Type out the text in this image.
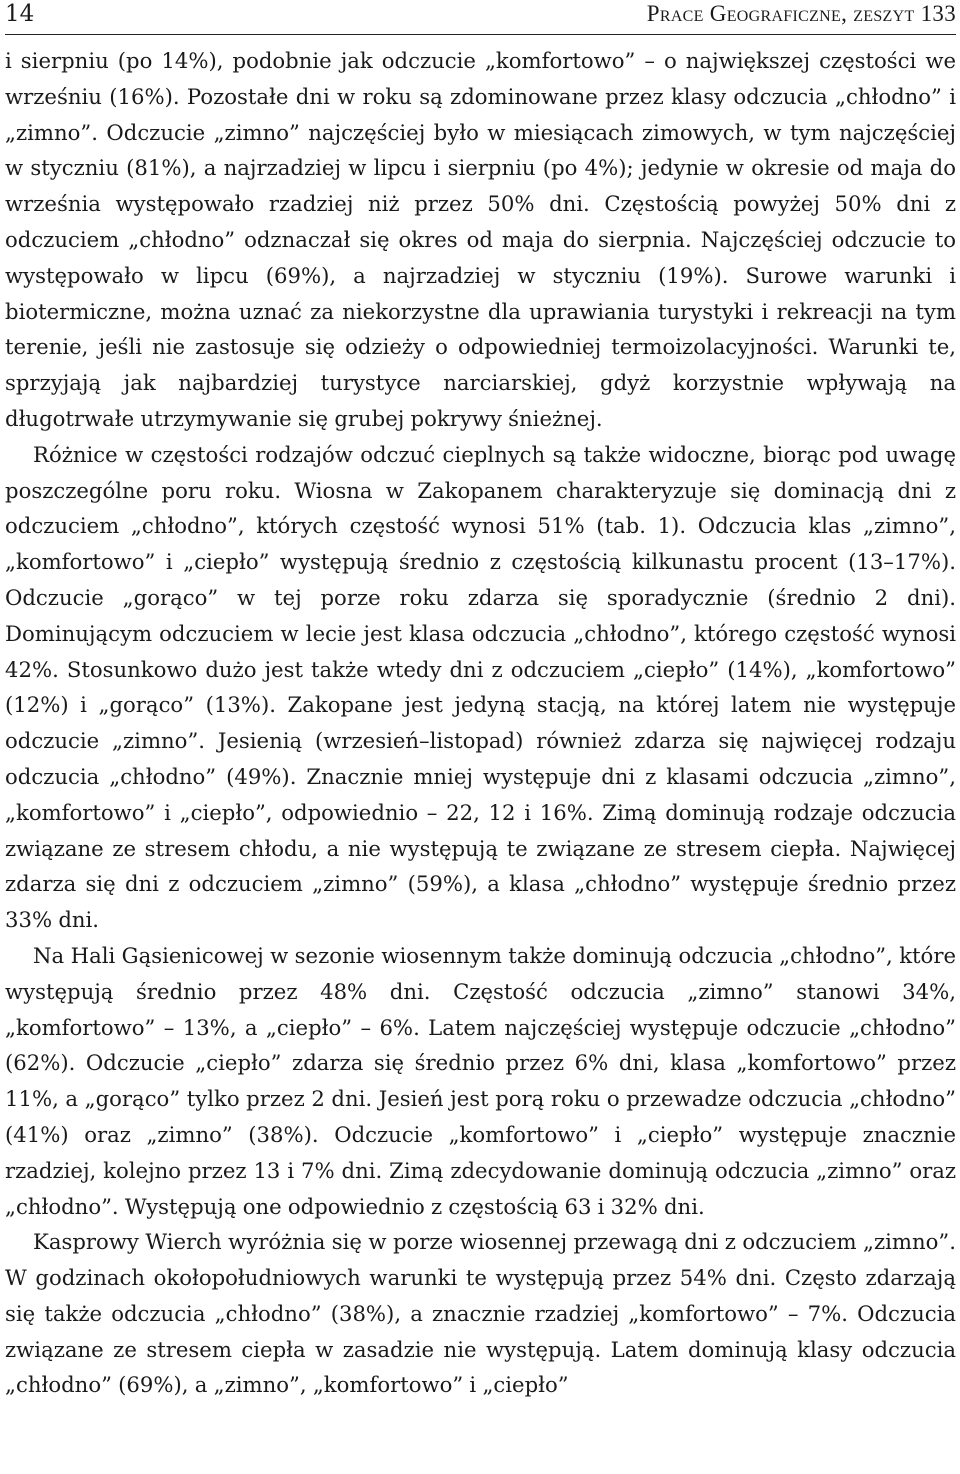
14	Prace Geograficzne, zeszyt 133

i sierpniu (po 14%), podobnie jak odczucie „komfortowo” – o największej częstości we wrześniu (16%). Pozostałe dni w roku są zdominowane przez klasy odczucia „chłodno” i „zimno”. Odczucie „zimno” najczęściej było w miesiącach zimowych, w tym najczęściej w styczniu (81%), a najrzadziej w lipcu i sierpniu (po 4%); jedynie w okresie od maja do września występowało rzadziej niż przez 50% dni. Częstością powyżej 50% dni z odczuciem „chłodno” odznaczał się okres od maja do sierpnia. Najczęściej odczucie to występowało w lipcu (69%), a najrzadziej w styczniu (19%). Surowe warunki i biotermiczne, można uznać za niekorzystne dla uprawiania turystyki i rekreacji na tym terenie, jeśli nie zastosuje się odzieży o odpowiedniej termoizolacyjności. Warunki te, sprzyjają jak najbardziej turystyce narciarskiej, gdyż korzystnie wpływają na długotrwałe utrzymywanie się grubej pokrywy śnieżnej.

Różnice w częstości rodzajów odczuć cieplnych są także widoczne, biorąc pod uwagę poszczególne poru roku. Wiosna w Zakopanem charakteryzuje się dominacją dni z odczuciem „chłodno”, których częstość wynosi 51% (tab. 1). Odczucia klas „zimno”, „komfortowo” i „ciepło” występują średnio z częstością kilkunastu procent (13–17%). Odczucie „gorąco” w tej porze roku zdarza się sporadycznie (średnio 2 dni). Dominującym odczuciem w lecie jest klasa odczucia „chłodno”, którego częstość wynosi 42%. Stosunkowo dużo jest także wtedy dni z odczuciem „ciepło” (14%), „komfortowo” (12%) i „gorąco” (13%). Zakopane jest jedyną stacją, na której latem nie występuje odczucie „zimno”. Jesienią (wrzesień–listopad) również zdarza się najwięcej rodzaju odczucia „chłodno” (49%). Znacznie mniej występuje dni z klasami odczucia „zimno”, „komfortowo” i „ciepło”, odpowiednio – 22, 12 i 16%. Zimą dominują rodzaje odczucia związane ze stresem chłodu, a nie występują te związane ze stresem ciepła. Najwięcej zdarza się dni z odczuciem „zimno” (59%), a klasa „chłodno” występuje średnio przez 33% dni.

Na Hali Gąsienicowej w sezonie wiosennym także dominują odczucia „chłodno”, które występują średnio przez 48% dni. Częstość odczucia „zimno” stanowi 34%, „komfortowo” – 13%, a „ciepło” – 6%. Latem najczęściej występuje odczucie „chłodno” (62%). Odczucie „ciepło” zdarza się średnio przez 6% dni, klasa „komfortowo” przez 11%, a „gorąco” tylko przez 2 dni. Jesień jest porą roku o przewadze odczucia „chłodno” (41%) oraz „zimno” (38%). Odczucie „komfortowo” i „ciepło” występuje znacznie rzadziej, kolejno przez 13 i 7% dni. Zimą zdecydowanie dominują odczucia „zimno” oraz „chłodno”. Występują one odpowiednio z częstością 63 i 32% dni.

Kasprowy Wierch wyróżnia się w porze wiosennej przewagą dni z odczuciem „zimno”. W godzinach okołopołudniowych warunki te występują przez 54% dni. Często zdarzają się także odczucia „chłodno” (38%), a znacznie rzadziej „komfortowo” – 7%. Odczucia związane ze stresem ciepła w zasadzie nie występują. Latem dominują klasy odczucia „chłodno” (69%), a „zimno”, „komfortowo” i „ciepło”
